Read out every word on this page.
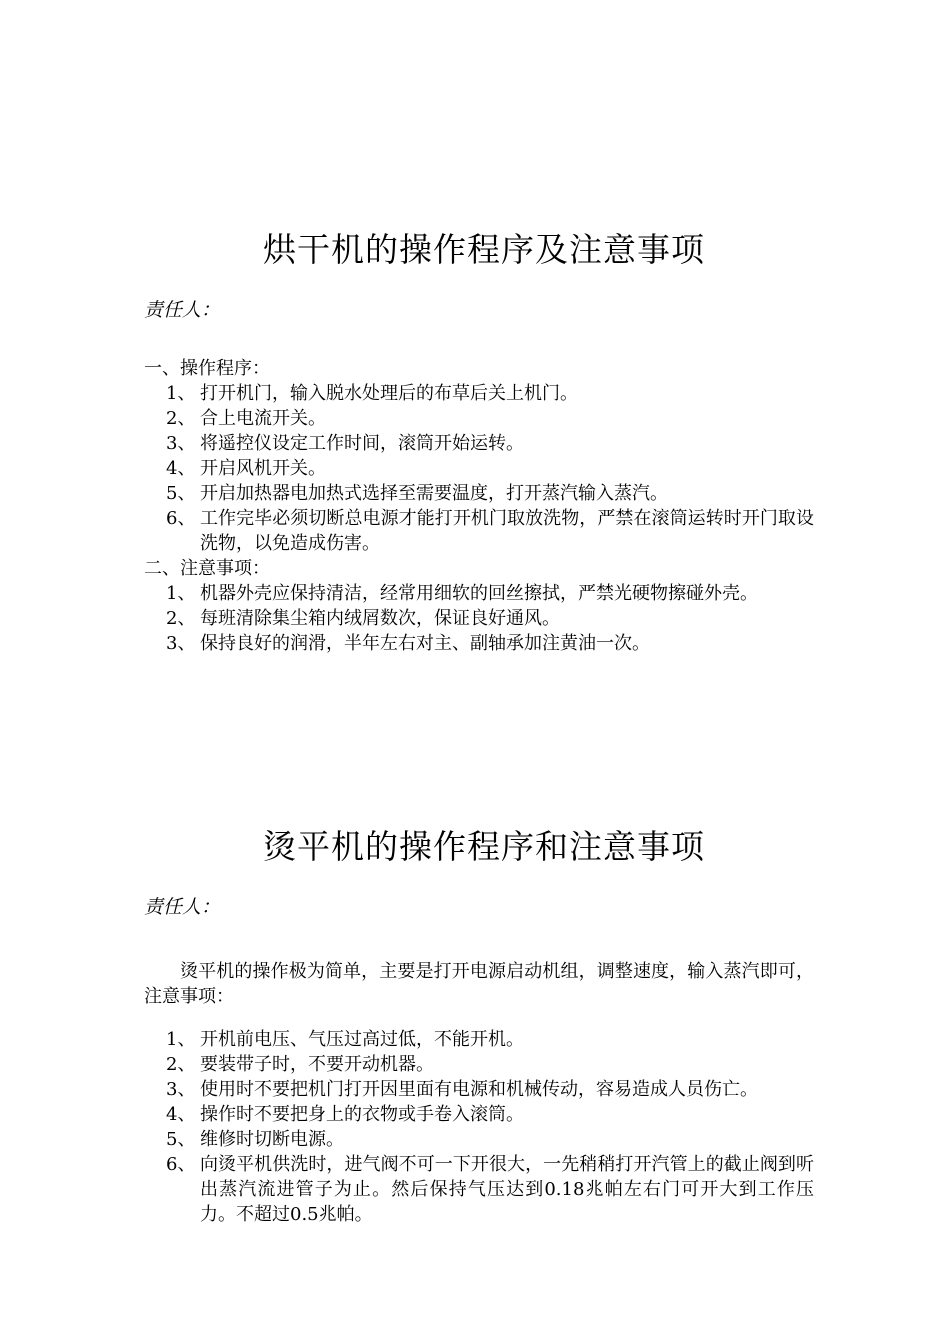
烘干机的操作程序及注意事项
责任人：
一、操作程序：
1、 打开机门，输入脱水处理后的布草后关上机门。
2、 合上电流开关。
3、 将遥控仪设定工作时间，滚筒开始运转。
4、 开启风机开关。
5、 开启加热器电加热式选择至需要温度，打开蒸汽输入蒸汽。
6、 工作完毕必须切断总电源才能打开机门取放洗物，严禁在滚筒运转时开门取设洗物，以免造成伤害。
二、注意事项：
1、 机器外壳应保持清洁，经常用细软的回丝擦拭，严禁光硬物擦碰外壳。
2、 每班清除集尘箱内绒屑数次，保证良好通风。
3、 保持良好的润滑，半年左右对主、副轴承加注黄油一次。
烫平机的操作程序和注意事项
责任人：

烫平机的操作极为简单，主要是打开电源启动机组，调整速度，输入蒸汽即可，注意事项：

1、 开机前电压、气压过高过低，不能开机。
2、 要装带子时，不要开动机器。
3、 使用时不要把机门打开因里面有电源和机械传动，容易造成人员伤亡。
4、 操作时不要把身上的衣物或手卷入滚筒。
5、 维修时切断电源。
6、 向烫平机供洗时，进气阀不可一下开很大，一先稍稍打开汽管上的截止阀到听出蒸汽流进管子为止。然后保持气压达到0.18兆帕左右门可开大到工作压力。不超过0.5兆帕。
